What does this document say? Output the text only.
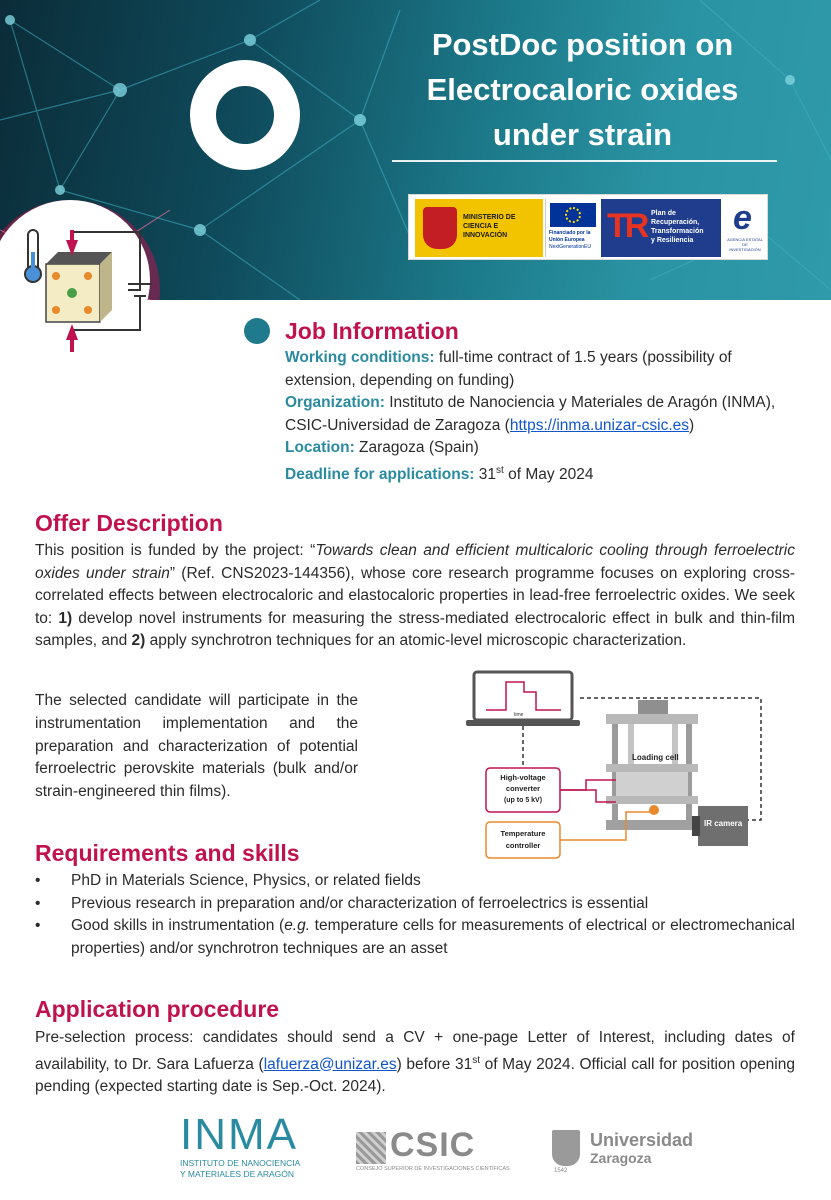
PostDoc position on
Electrocaloric oxides
under strain
MINISTERIO DE CIENCIA E INNOVACIÓN	Financiado por la Unión Europea
NextGenerationEU
TR Plan de
Recuperación,
Transformación
y Resiliencia
e
AGENCIA ESTATAL DE INVESTIGACIÓN
Job Information
Working conditions: full-time contract of 1.5 years (possibility of extension, depending on funding)
Organization: Instituto de Nanociencia y Materiales de Aragón (INMA), CSIC-Universidad de Zaragoza (https://inma.unizar-csic.es)
Location: Zaragoza (Spain)
Deadline for applications: 31st of May 2024
Offer Description

This position is funded by the project: “Towards clean and efficient multicaloric cooling through ferroelectric oxides under strain” (Ref. CNS2023-144356), whose core research programme focuses on exploring cross-correlated effects between electrocaloric and elastocaloric properties in lead-free ferroelectric oxides. We seek to: 1) develop novel instruments for measuring the stress-mediated electrocaloric effect in bulk and thin-film samples, and 2) apply synchrotron techniques for an atomic-level microscopic characterization.

The selected candidate will participate in the instrumentation implementation and the preparation and characterization of potential ferroelectric perovskite materials (bulk and/or strain-engineered thin films).

time
Loading cell
IR camera
High-voltage
converter
(up to 5 kV)
Temperature
controller
Requirements and skills
• PhD in Materials Science, Physics, or related fields
• Previous research in preparation and/or characterization of ferroelectrics is essential
• Good skills in instrumentation (e.g. temperature cells for measurements of electrical or electromechanical properties) and/or synchrotron techniques are an asset
Application procedure

Pre-selection process: candidates should send a CV + one-page Letter of Interest, including dates of availability, to Dr. Sara Lafuerza (lafuerza@unizar.es) before 31st of May 2024. Official call for position opening pending (expected starting date is Sep.-Oct. 2024).

INMA
INSTITUTO DE NANOCIENCIA
Y MATERIALES DE ARAGÓN
CSIC
CONSEJO SUPERIOR DE INVESTIGACIONES CIENTÍFICAS	1542
Universidad
Zaragoza
